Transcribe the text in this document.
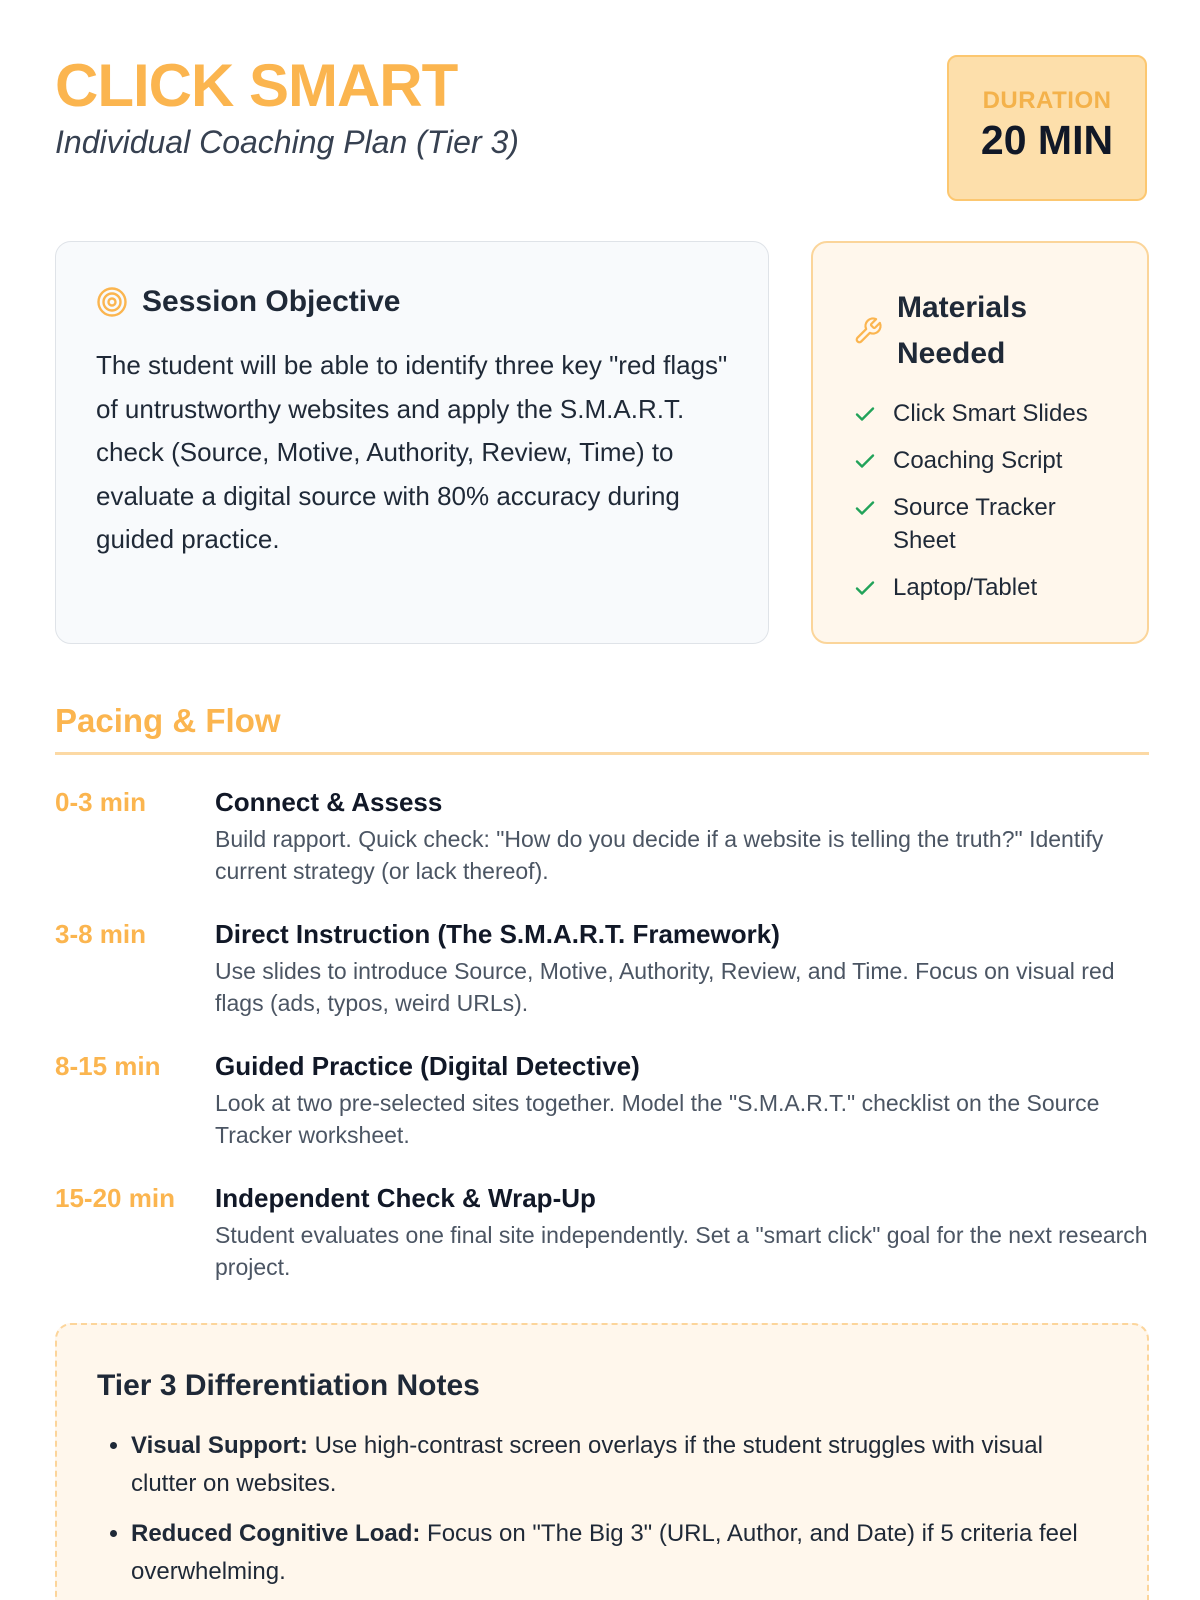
CLICK SMART
Individual Coaching Plan (Tier 3)
DURATION
20 MIN
Session Objective

The student will be able to identify three key "red flags" of untrustworthy websites and apply the S.M.A.R.T. check (Source, Motive, Authority, Review, Time) to evaluate a digital source with 80% accuracy during guided practice.

Materials Needed
Click Smart Slides
Coaching Script
Source Tracker Sheet
Laptop/Tablet
Pacing & Flow
0-3 min	Connect & Assess
Build rapport. Quick check: "How do you decide if a website is telling the truth?" Identify current strategy (or lack thereof).
3-8 min	Direct Instruction (The S.M.A.R.T. Framework)
Use slides to introduce Source, Motive, Authority, Review, and Time. Focus on visual red flags (ads, typos, weird URLs).
8-15 min	Guided Practice (Digital Detective)
Look at two pre-selected sites together. Model the "S.M.A.R.T." checklist on the Source Tracker worksheet.
15-20 min	Independent Check & Wrap-Up
Student evaluates one final site independently. Set a "smart click" goal for the next research project.
Tier 3 Differentiation Notes
• Visual Support: Use high-contrast screen overlays if the student struggles with visual clutter on websites.
• Reduced Cognitive Load: Focus on "The Big 3" (URL, Author, and Date) if 5 criteria feel overwhelming.
